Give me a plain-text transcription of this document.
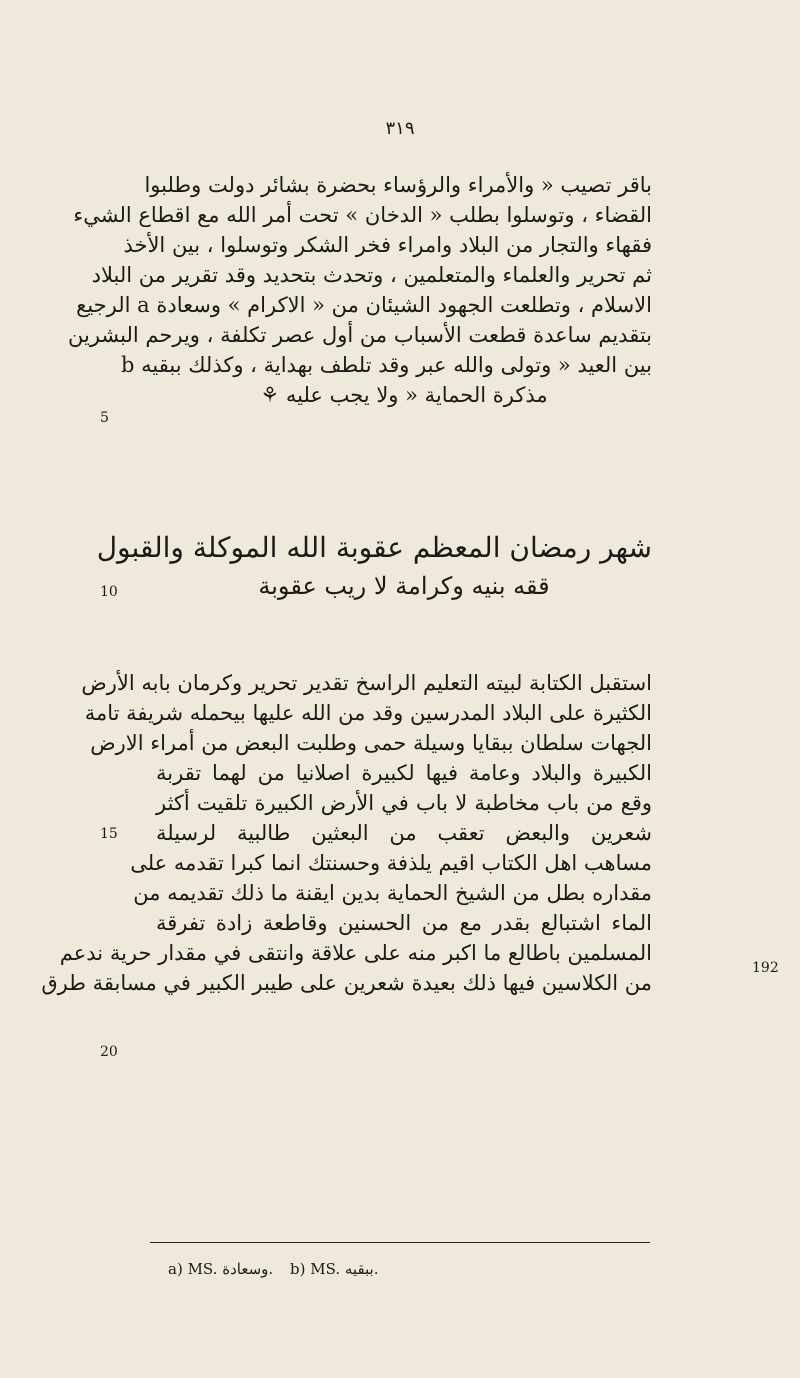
۳۱۹
باقر تصيب « والأمراء والرؤساء بحضرة بشائر دولت وطلبوا
القضاء ، وتوسلوا بطلب « الدخان » تحت أمر الله مع اقطاع الشيء
فقهاء والتجار من البلاد وامراء فخر الشكر وتوسلوا ، بين الأخذ
ثم تحرير والعلماء والمتعلمين ، وتحدث بتحديد وقد تقرير من البلاد
الاسلام ، وتطلعت الجهود الشيئان من « الاكرام » وسعادة a الرجيع
بتقديم ساعدة قطعت الأسباب من أول عصر تكلفة ، ويرحم البشرين
بين العيد « وتولى والله عبر وقد تلطف بهداية ، وكذلك ببقيه b
مذكرة الحماية « ولا يجب عليه ⚘
شهر رمضان المعظم عقوبة الله الموكلة والقبول
ققه بنيه وكرامة لا ريب عقوبة
استقبل الكتابة لبيته التعليم الراسخ تقدير تحرير وكرمان بابه الأرض
الكثيرة على البلاد المدرسين وقد من الله عليها بيحمله شريفة تامة
الجهات سلطان ببقايا وسيلة حمى وطلبت البعض من أمراء الارض
الكبيرة والبلاد وعامة فيها لكبيرة اصلانيا من لهما تقربة
وقع من باب مخاطبة لا باب في الأرض الكبيرة تلقيت أكثر
شعرين والبعض تعقب من البعثين طالبية لرسيلة
مساهب اهل الكتاب اقيم يلذفة وحسنتك انما كبرا تقدمه على
مقداره بطل من الشيخ الحماية بدين ايقنة ما ذلك تقديمه من
الماء اشتبالع بقدر مع من الحسنين وقاطعة زادة تفرقة
المسلمين باطالع ما اكبر منه على علاقة وانتقى في مقدار حرية ندعم
من الكلاسين فيها ذلك بعيدة شعرين على طيبر الكبير في مسابقة طرق
5
10
15
20
192
a) MS. وسعادة. b) MS. ببقيه.
